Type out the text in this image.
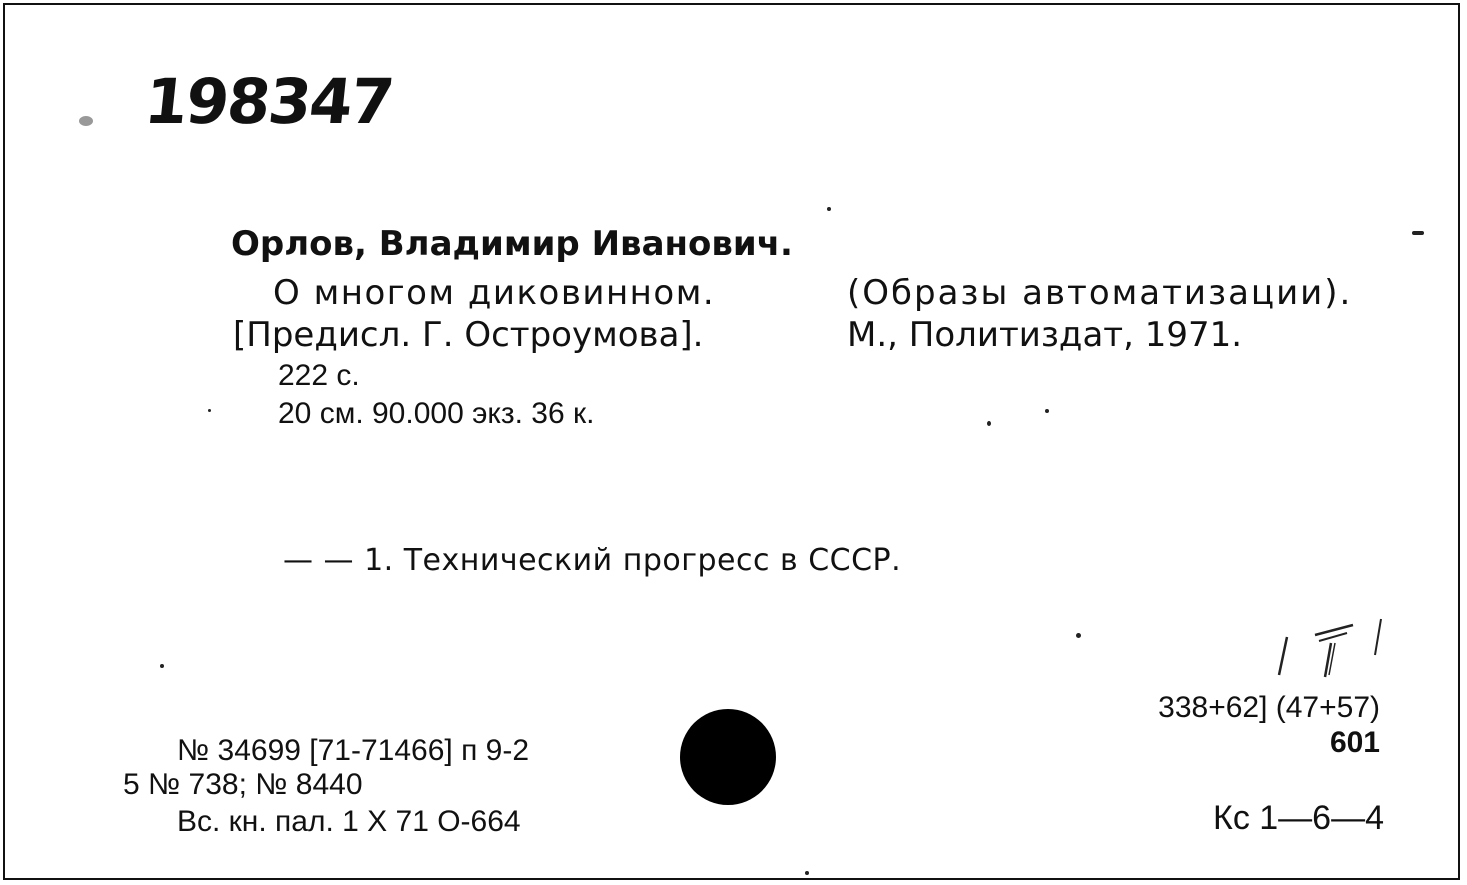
198347
Орлов, Владимир Иванович.
О многом диковинном.	(Образы автоматизации).
[Предисл. Г. Остроумова].	М., Политиздат, 1971.
222 с.
20 см. 90.000 экз. 36 к.
— — 1. Технический прогресс в СССР.
№ 34699 [71-71466] п 9-2
5 № 738; № 8440
Вс. кн. пал. 1 X 71 О-664
338+62] (47+57)
601
Кс 1—6—4
